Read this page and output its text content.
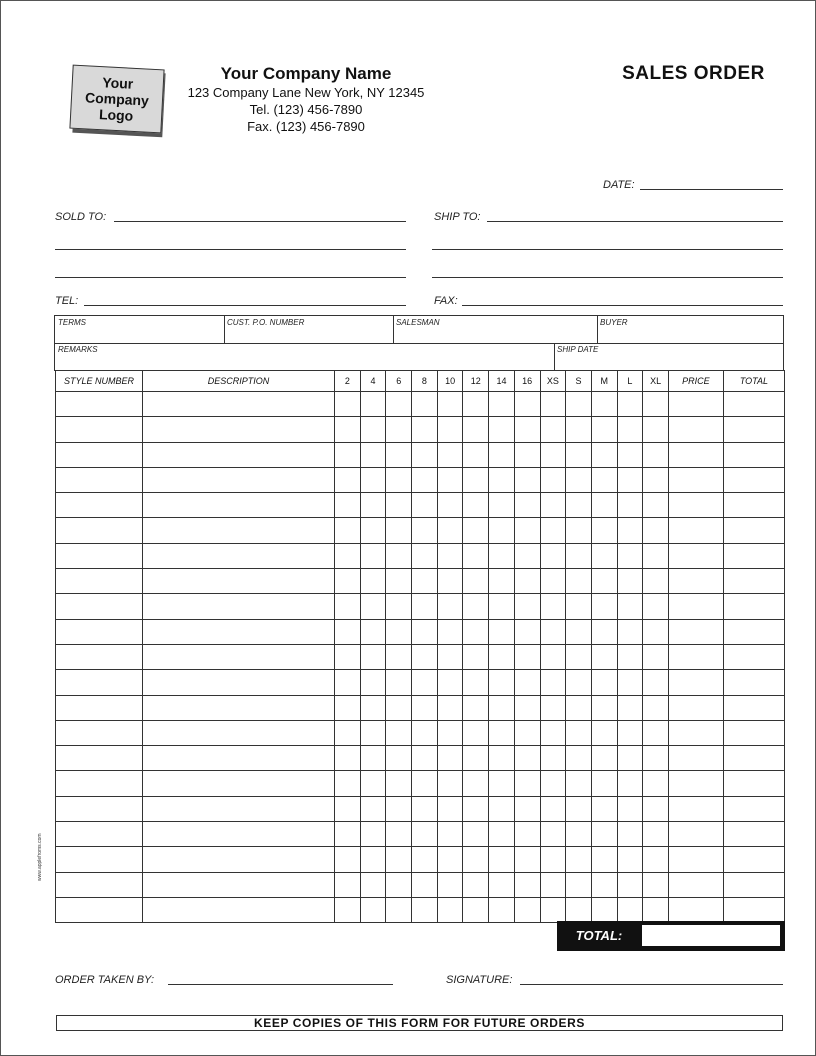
Your
Company
Logo
Your Company Name
123 Company Lane New York, NY 12345
Tel. (123) 456-7890
Fax. (123) 456-7890
SALES ORDER
DATE:
SOLD TO:	SHIP TO:
TEL:	FAX:
TERMS	CUST. P.O. NUMBER	SALESMAN	BUYER
REMARKS	SHIP DATE
STYLE NUMBER	DESCRIPTION	2	4	6	8	10	12	14	16	XS	S	M	L	XL	PRICE	TOTAL

www.applefroms.com
TOTAL:
ORDER TAKEN BY:	SIGNATURE:
KEEP COPIES OF THIS FORM FOR FUTURE ORDERS
